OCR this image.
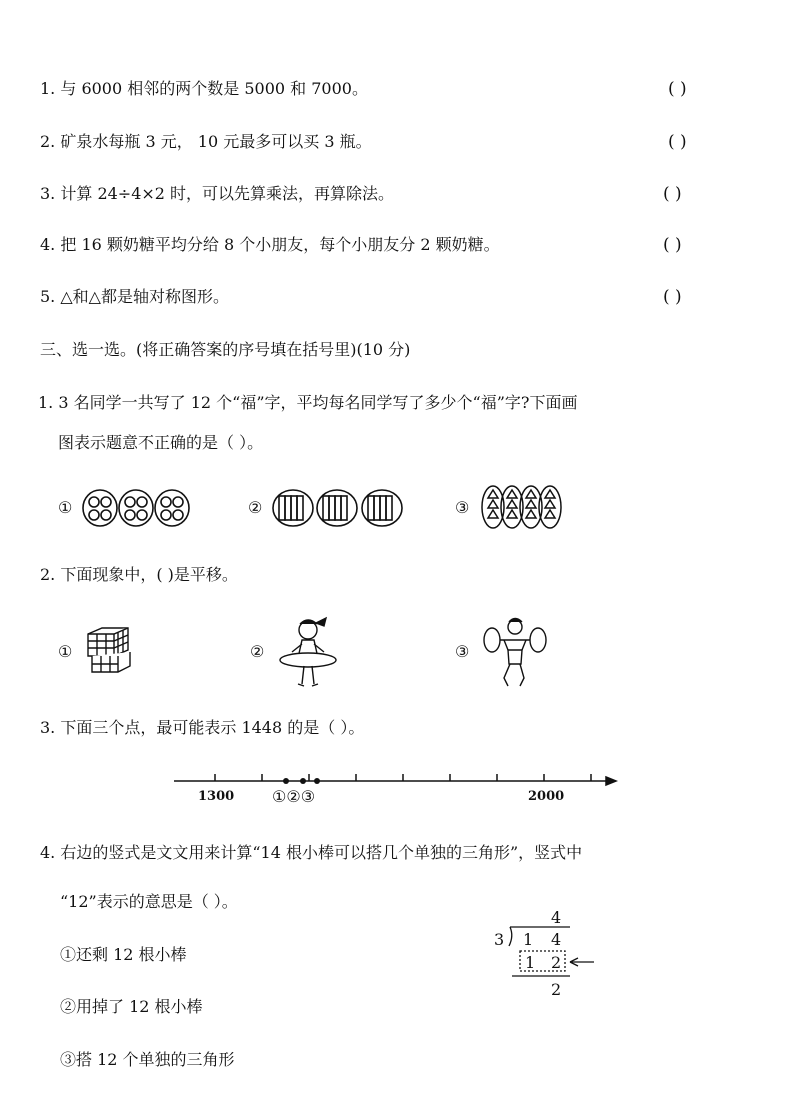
1. 与 6000 相邻的两个数是 5000 和 7000。	( )
2. 矿泉水每瓶 3 元， 10 元最多可以买 3 瓶。	( )
3. 计算 24÷4×2 时，可以先算乘法，再算除法。	( )
4. 把 16 颗奶糖平均分给 8 个小朋友，每个小朋友分 2 颗奶糖。	( )
5. △和△都是轴对称图形。	( )
三、选一选。(将正确答案的序号填在括号里)(10 分)
1. 3 名同学一共写了 12 个“福”字，平均每名同学写了多少个“福”字?下面画
图表示题意不正确的是（ ）。
①	②	③
2. 下面现象中，( )是平移。
①	②	③
3. 下面三个点，最可能表示 1448 的是（ ）。
1300 ①②③	2000
4. 右边的竖式是文文用来计算“14 根小棒可以搭几个单独的三角形”，竖式中
“12”表示的意思是（ ）。
①还剩 12 根小棒
②用掉了 12 根小棒
③搭 12 个单独的三角形
4
3 1 4
1 2
2
